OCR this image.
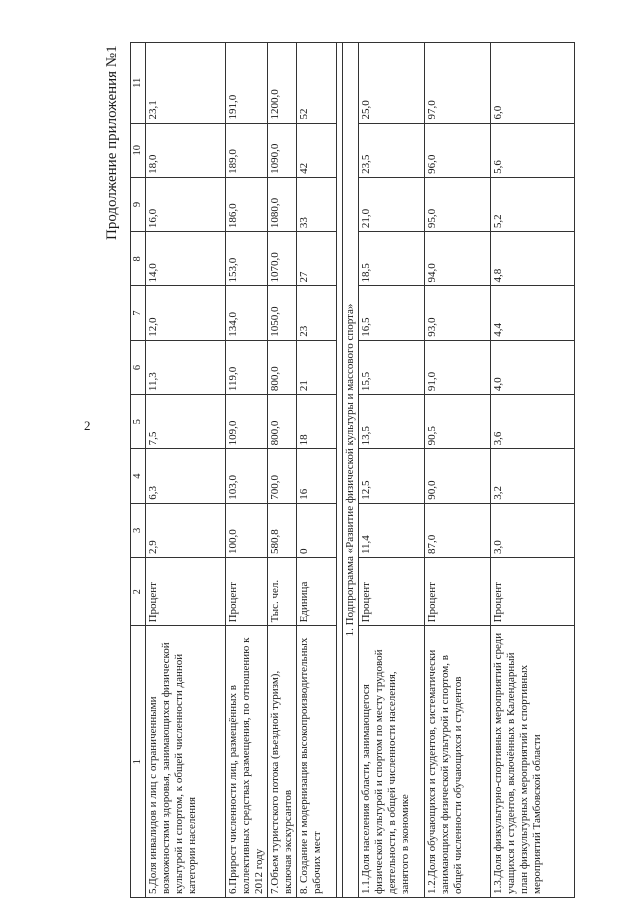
2
Продолжение приложения №1
1	2	3	4	5	6	7	8	9	10	11
5.Доля инвалидов и лиц с ограниченными возможностями здоровья, занимающихся физической культурой и спортом, к общей численности данной категории населения	Процент	2,9	6,3	7,5	11,3	12,0	14,0	16,0	18,0	23,1
6.Прирост численности лиц, размещённых в коллективных средствах размещения, по отношению к 2012 году	Процент	100,0	103,0	109,0	119,0	134,0	153,0	186,0	189,0	191,0
7.Объем туристского потока (въездной туризм), включая экскурсантов	Тыс. чел.	580,8	700,0	800,0	800,0	1050,0	1070,0	1080,0	1090,0	1200,0
8. Создание и модернизация высокопроизводительных рабочих мест	Единица	0	16	18	21	23	27	33	42	52

1. Подпрограмма «Развитие физической культуры и массового спорта»										
1.1.Доля населения области, занимающегося физической культурой и спортом по месту трудовой деятельности, в общей численности населения, занятого в экономике	Процент	11,4	12,5	13,5	15,5	16,5	18,5	21,0	23,5	25,0
1.2.Доля обучающихся и студентов, систематически занимающихся физической культурой и спортом, в общей численности обучающихся и студентов	Процент	87,0	90,0	90,5	91,0	93,0	94,0	95,0	96,0	97,0
1.3.Доля физкультурно-спортивных мероприятий среди учащихся и студентов, включённых в Календарный план физкультурных мероприятий и спортивных мероприятий Тамбовской области	Процент	3,0	3,2	3,6	4,0	4,4	4,8	5,2	5,6	6,0
